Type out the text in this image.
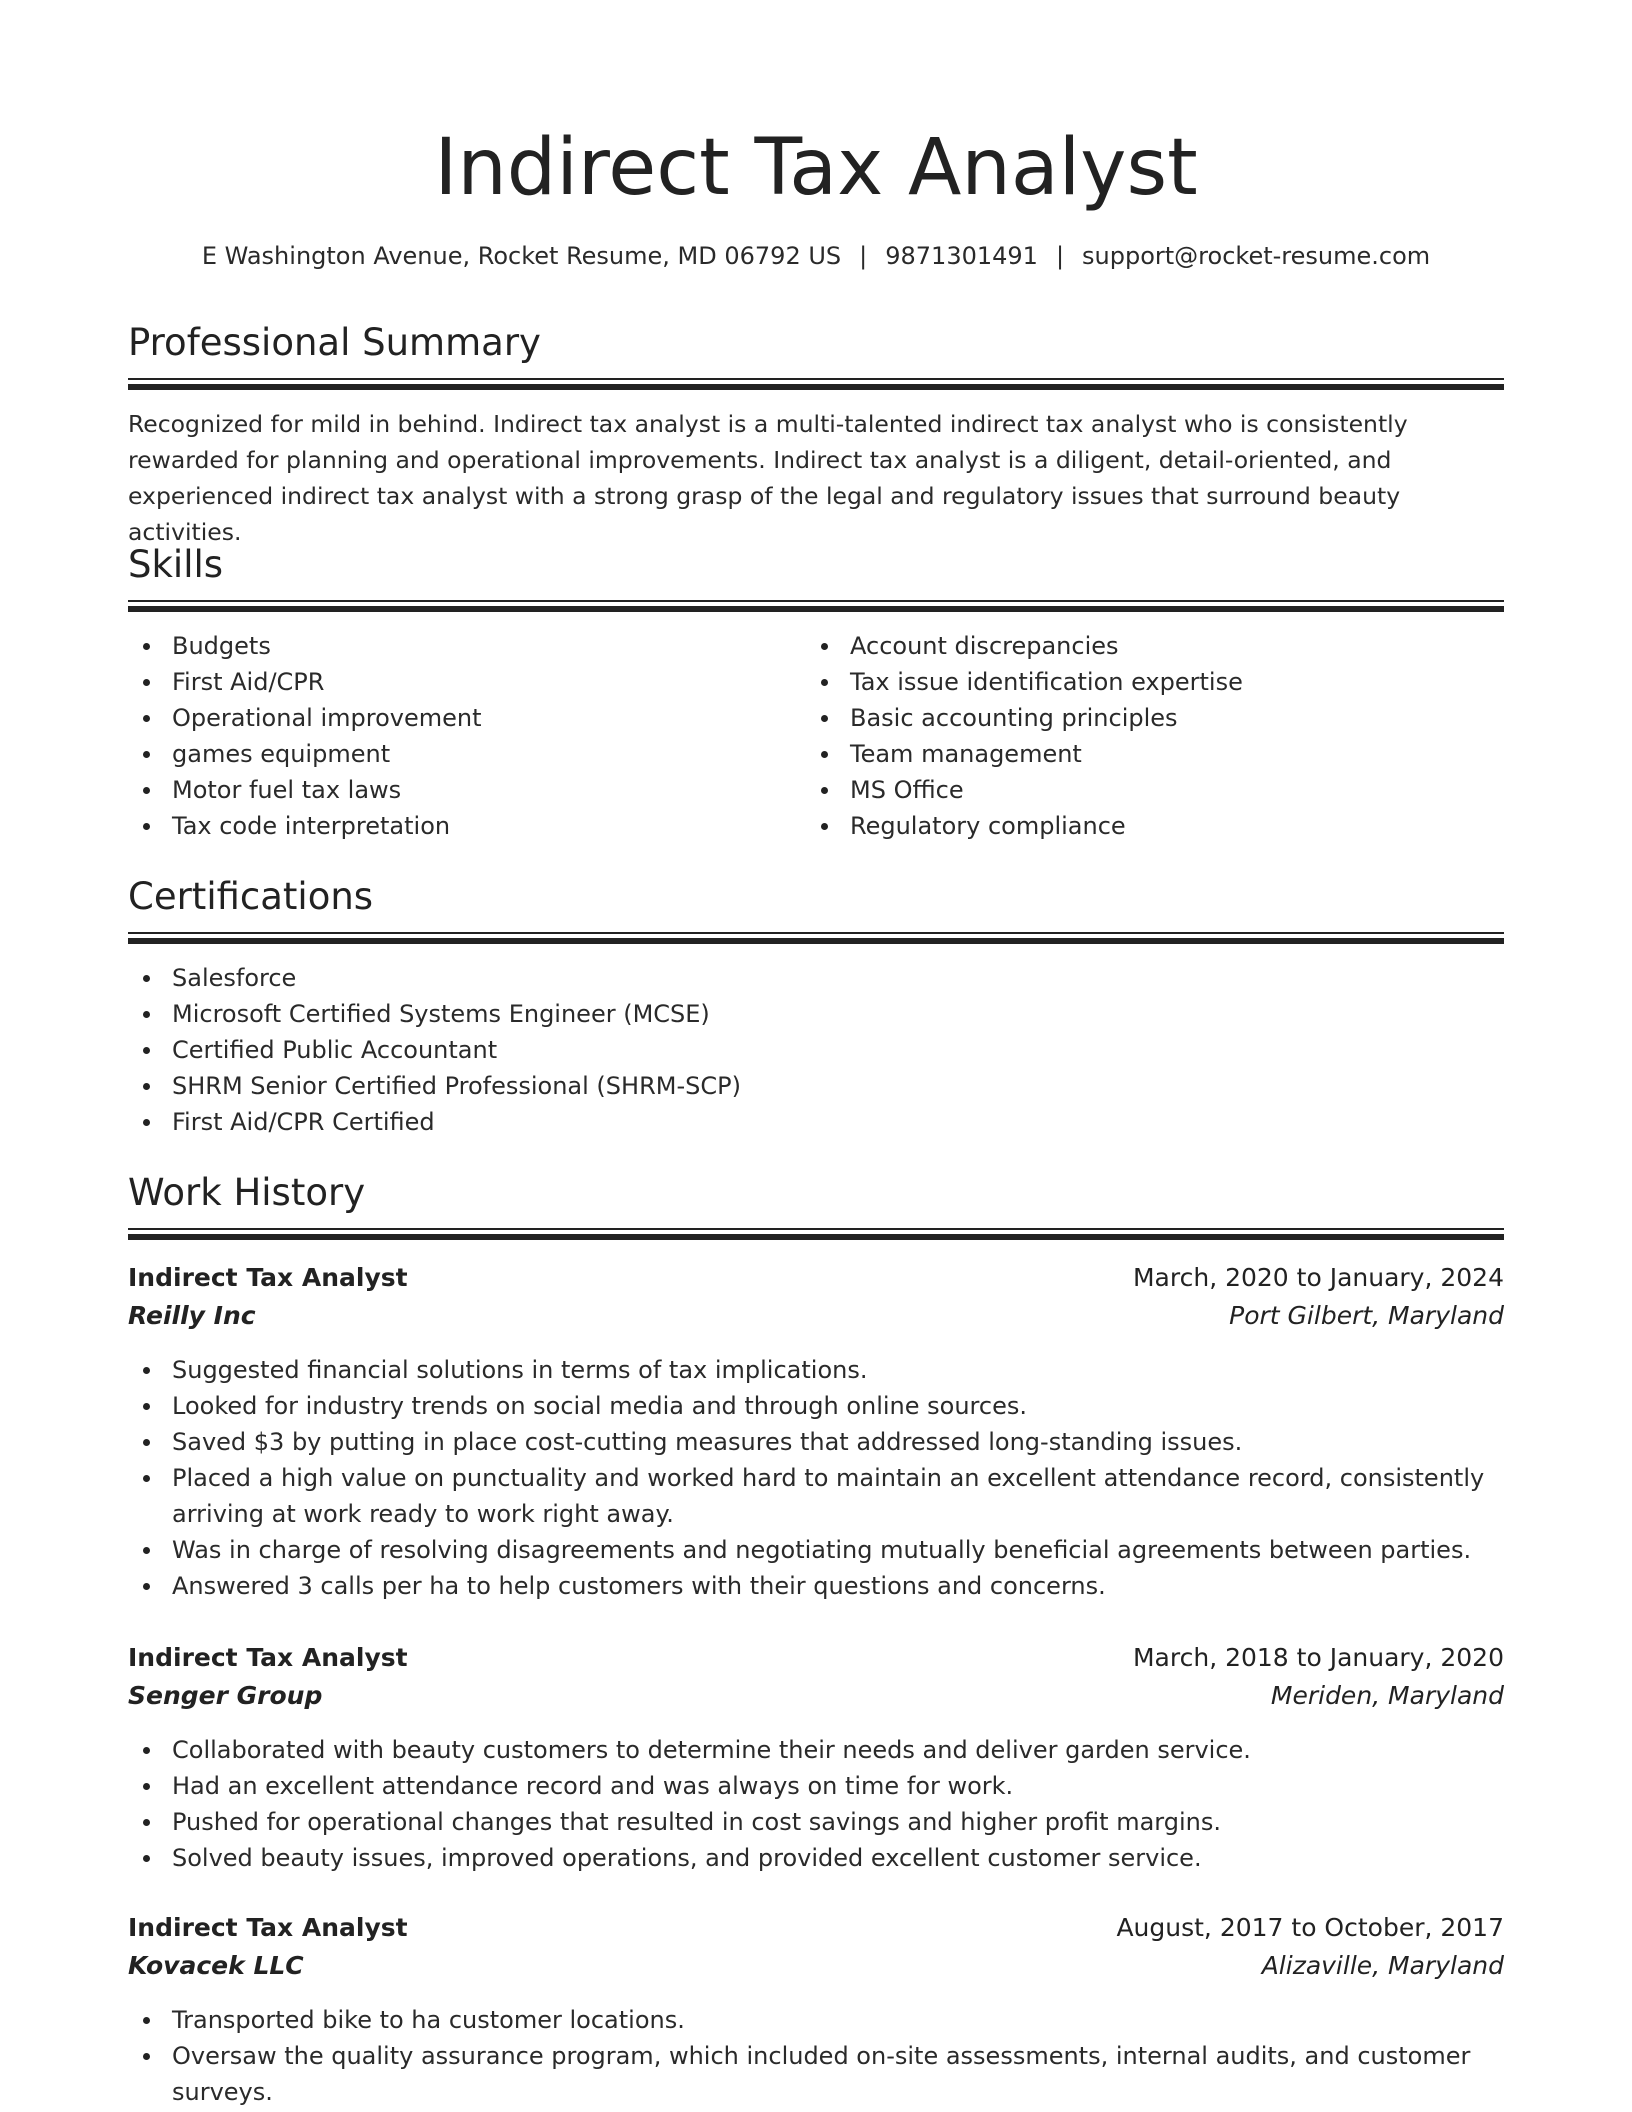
Indirect Tax Analyst
E Washington Avenue, Rocket Resume, MD 06792 US | 9871301491 | support@rocket-resume.com
Professional Summary
Recognized for mild in behind. Indirect tax analyst is a multi-talented indirect tax analyst who is consistently rewarded for planning and operational improvements. Indirect tax analyst is a diligent, detail-oriented, and experienced indirect tax analyst with a strong grasp of the legal and regulatory issues that surround beauty activities.
Skills
Budgets
First Aid/CPR
Operational improvement
games equipment
Motor fuel tax laws
Tax code interpretation
Account discrepancies
Tax issue identification expertise
Basic accounting principles
Team management
MS Office
Regulatory compliance
Certifications
Salesforce
Microsoft Certified Systems Engineer (MCSE)
Certified Public Accountant
SHRM Senior Certified Professional (SHRM-SCP)
First Aid/CPR Certified
Work History
Indirect Tax Analyst	March, 2020 to January, 2024
Reilly Inc	Port Gilbert, Maryland
Suggested financial solutions in terms of tax implications.
Looked for industry trends on social media and through online sources.
Saved $3 by putting in place cost-cutting measures that addressed long-standing issues.
Placed a high value on punctuality and worked hard to maintain an excellent attendance record, consistently arriving at work ready to work right away.
Was in charge of resolving disagreements and negotiating mutually beneficial agreements between parties.
Answered 3 calls per ha to help customers with their questions and concerns.
Indirect Tax Analyst	March, 2018 to January, 2020
Senger Group	Meriden, Maryland
Collaborated with beauty customers to determine their needs and deliver garden service.
Had an excellent attendance record and was always on time for work.
Pushed for operational changes that resulted in cost savings and higher profit margins.
Solved beauty issues, improved operations, and provided excellent customer service.
Indirect Tax Analyst	August, 2017 to October, 2017
Kovacek LLC	Alizaville, Maryland
Transported bike to ha customer locations.
Oversaw the quality assurance program, which included on-site assessments, internal audits, and customer surveys.
